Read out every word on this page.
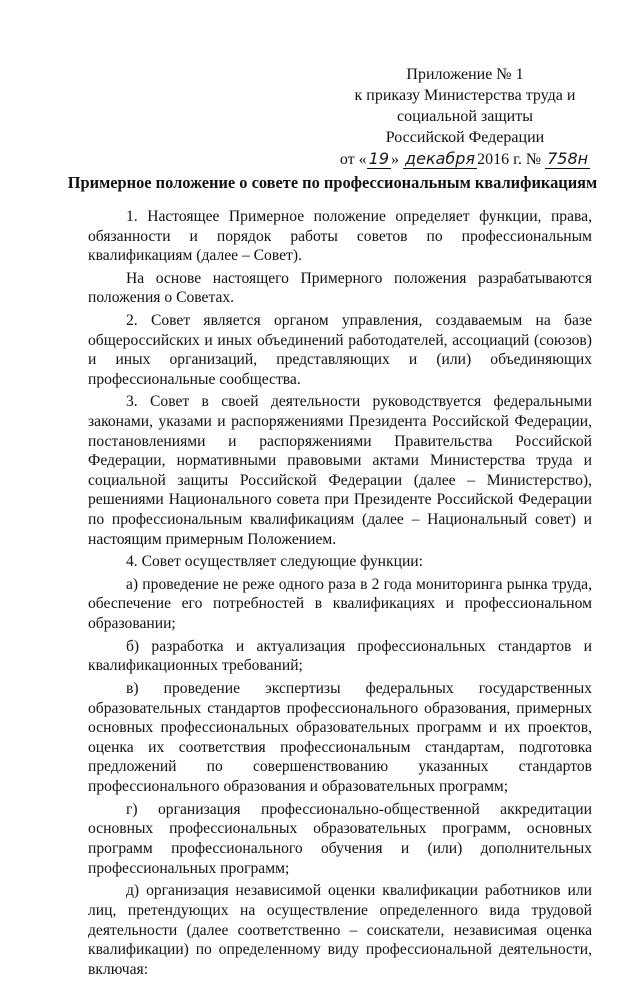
Приложение № 1
к приказу Министерства труда и
социальной защиты
Российской Федерации
от « 19 » декабря 2016 г. № 758н
Примерное положение о совете по профессиональным квалификациям

1. Настоящее Примерное положение определяет функции, права, обязанности и порядок работы советов по профессиональным квалификациям (далее – Совет).

На основе настоящего Примерного положения разрабатываются положения о Советах.

2. Совет является органом управления, создаваемым на базе общероссийских и иных объединений работодателей, ассоциаций (союзов) и иных организаций, представляющих и (или) объединяющих профессиональные сообщества.

3. Совет в своей деятельности руководствуется федеральными законами, указами и распоряжениями Президента Российской Федерации, постановлениями и распоряжениями Правительства Российской Федерации, нормативными правовыми актами Министерства труда и социальной защиты Российской Федерации (далее – Министерство), решениями Национального совета при Президенте Российской Федерации по профессиональным квалификациям (далее – Национальный совет) и настоящим примерным Положением.

4. Совет осуществляет следующие функции:

а) проведение не реже одного раза в 2 года мониторинга рынка труда, обеспечение его потребностей в квалификациях и профессиональном образовании;

б) разработка и актуализация профессиональных стандартов и квалификационных требований;

в) проведение экспертизы федеральных государственных образовательных стандартов профессионального образования, примерных основных профессиональных образовательных программ и их проектов, оценка их соответствия профессиональным стандартам, подготовка предложений по совершенствованию указанных стандартов профессионального образования и образовательных программ;

г) организация профессионально-общественной аккредитации основных профессиональных образовательных программ, основных программ профессионального обучения и (или) дополнительных профессиональных программ;

д) организация независимой оценки квалификации работников или лиц, претендующих на осуществление определенного вида трудовой деятельности (далее соответственно – соискатели, независимая оценка квалификации) по определенному виду профессиональной деятельности, включая:
